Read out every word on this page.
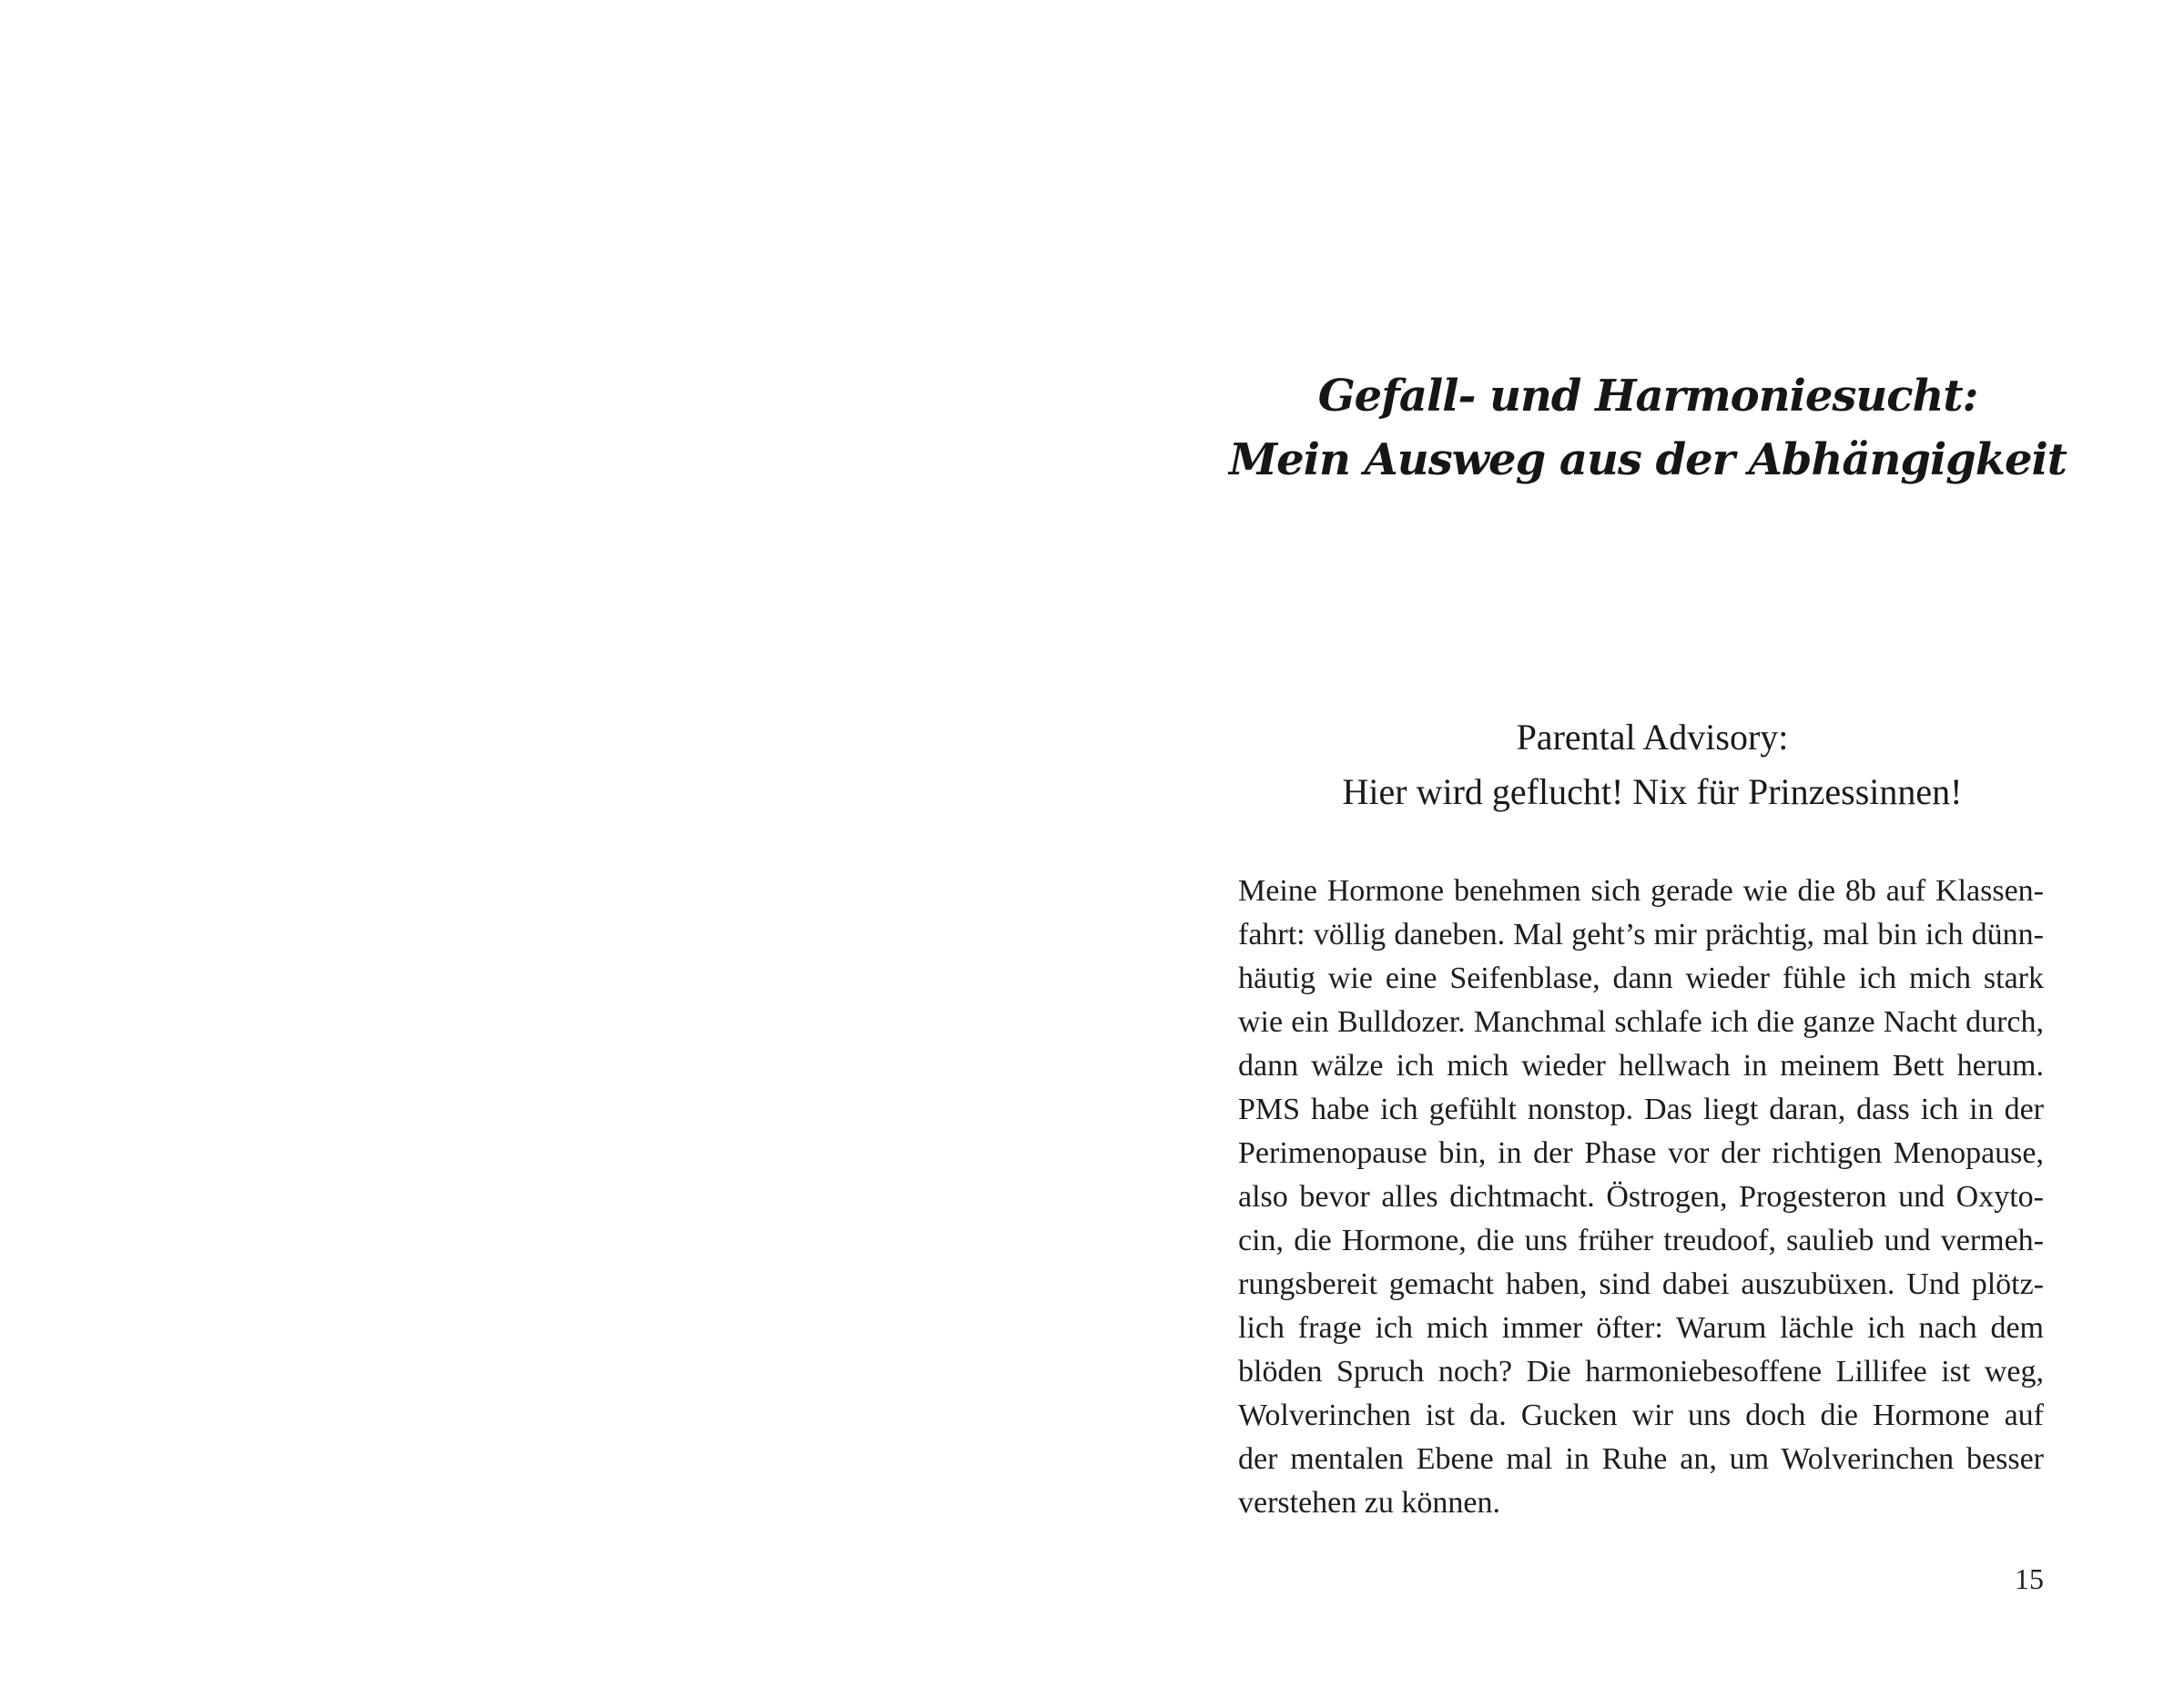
Gefall- und Harmoniesucht:
Mein Ausweg aus der Abhängigkeit
Parental Advisory:
Hier wird geflucht! Nix für Prinzessinnen!
Meine Hormone benehmen sich gerade wie die 8b auf Klassen-
fahrt: völlig daneben. Mal geht’s mir prächtig, mal bin ich dünn-
häutig wie eine Seifenblase, dann wieder fühle ich mich stark
wie ein Bulldozer. Manchmal schlafe ich die ganze Nacht durch,
dann wälze ich mich wieder hellwach in meinem Bett herum.
PMS habe ich gefühlt nonstop. Das liegt daran, dass ich in der
Perimenopause bin, in der Phase vor der richtigen Menopause,
also bevor alles dichtmacht. Östrogen, Progesteron und Oxyto-
cin, die Hormone, die uns früher treudoof, saulieb und vermeh-
rungsbereit gemacht haben, sind dabei auszubüxen. Und plötz-
lich frage ich mich immer öfter: Warum lächle ich nach dem
blöden Spruch noch? Die harmoniebesoffene Lillifee ist weg,
Wolverinchen ist da. Gucken wir uns doch die Hormone auf
der mentalen Ebene mal in Ruhe an, um Wolverinchen besser
verstehen zu können.
15
